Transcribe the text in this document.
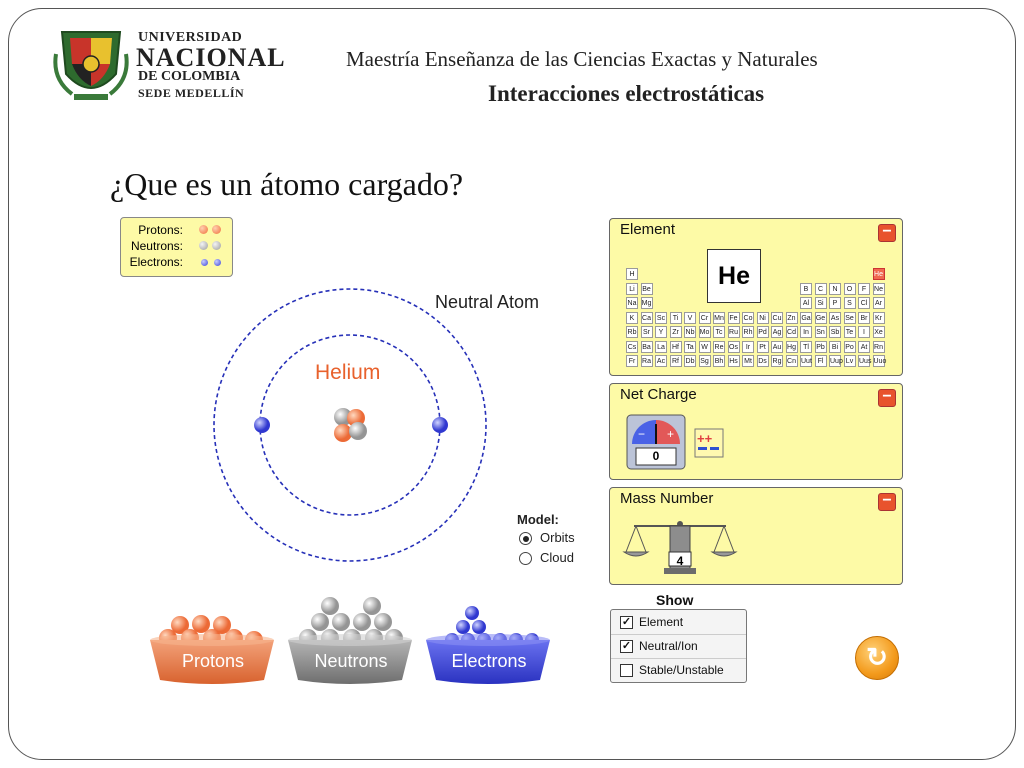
UNIVERSIDAD
NACIONAL
DE COLOMBIA
SEDE MEDELLÍN
Maestría Enseñanza de las Ciencias Exactas y Naturales
Interacciones electrostáticas
¿Que es un átomo cargado?
Protons:
Neutrons:
Electrons:
Neutral Atom
Helium
Model:
Orbits
Cloud
Protons	Neutrons	Electrons
Element	−
He
H	He
Li	Be	B	C	N	O	F	Ne
Na Mg	Al	Si	P	S	Cl	Ar
K	Ca Sc	Ti	V	Cr Mn Fe Co Ni Cu Zn Ga Ge As Se Br	Kr
Rb Sr	Y	Zr Nb Mo Tc Ru Rh Pd Ag Cd	In	Sn Sb Te	I	Xe
Cs Ba La	Hf	Ta	W Re Os	Ir	Pt Au Hg	Tl	Pb	Bi	Po At Rn
Fr Ra Ac Rf Db Sg Bh Hs Mt Ds Rg Cn Uut Fl Uup Lv Uus Uuo
Net Charge	−
− +
0
++
Mass Number	−
4
Show
✓ Element
✓ Neutral/Ion
Stable/Unstable	↻
